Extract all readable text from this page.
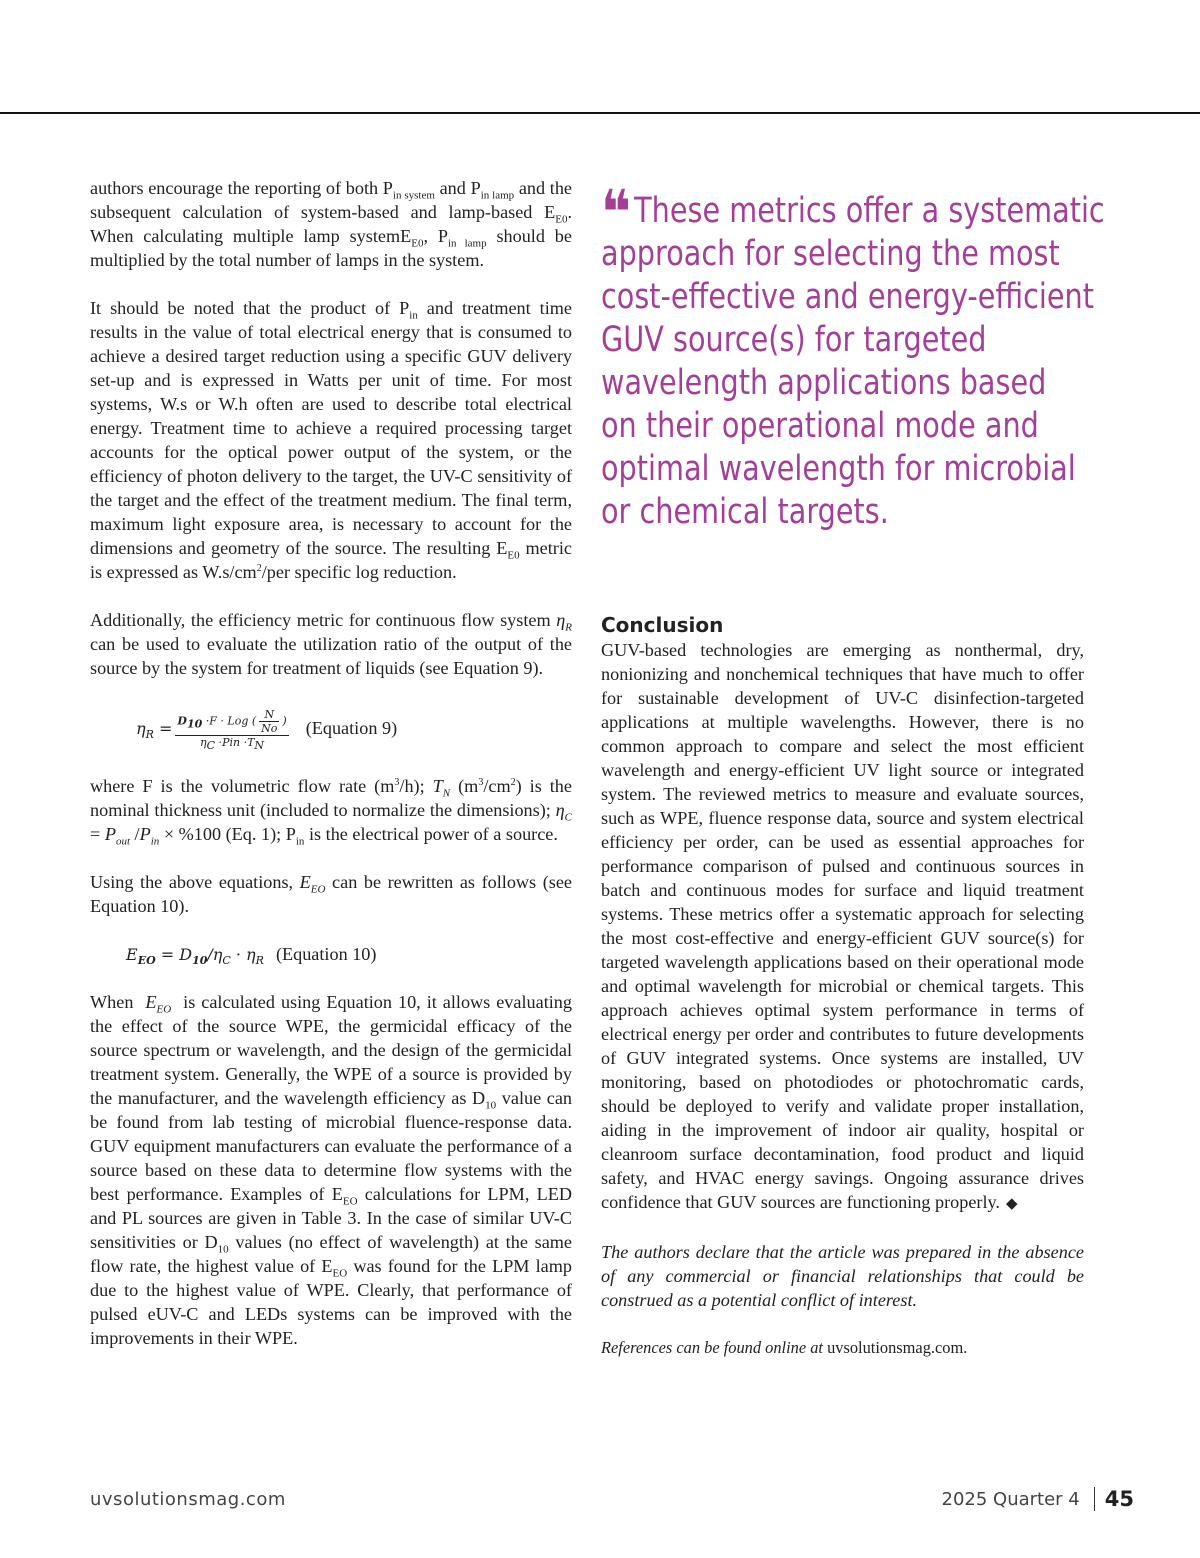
authors encourage the reporting of both $P_{in system}$ and $P_{in lamp}$ and the subsequent calculation of system-based and lamp-based $E_{E0}$. When calculating multiple lamp systemE$_{E0}$, $P_{in lamp}$ should be multiplied by the total number of lamps in the system.

It should be noted that the product of $P_{in}$ and treatment time results in the value of total electrical energy that is consumed to achieve a desired target reduction using a specific GUV delivery set-up and is expressed in Watts per unit of time. For most systems, W.s or W.h often are used to describe total electrical energy. Treatment time to achieve a required processing target accounts for the optical power output of the system, or the efficiency of photon delivery to the target, the UV-C sensitivity of the target and the effect of the treatment medium. The final term, maximum light exposure area, is necessary to account for the dimensions and geometry of the source. The resulting $E_{E0}$ metric is expressed as $W.s/cm^2$/per specific log reduction.

Additionally, the efficiency metric for continuous flow system $\eta_R$ can be used to evaluate the utilization ratio of the output of the source by the system for treatment of liquids (see Equation 9).

$\eta_R = \frac{D_{10} \cdot F \cdot Log ( \frac{N}{No} )}{\eta_C \cdot Pin \cdot T_N}$ (Equation 9)

where F is the volumetric flow rate $(m^3/h)$; $T_N$ $(m^3/cm^2)$ is the nominal thickness unit (included to normalize the dimensions); $\eta_C = P_{out}$ $/P_{in} \times \%100$ (Eq. 1); $P_{in}$ is the electrical power of a source.

Using the above equations, $E_{EO}$ can be rewritten as follows (see Equation 10).

$E_{EO} = D_{10}/\eta_C \cdot \eta_R$ (Equation 10)

When  $E_{EO}$  is calculated using Equation 10, it allows evaluating the effect of the source WPE, the germicidal efficacy of the source spectrum or wavelength, and the design of the germicidal treatment system. Generally, the WPE of a source is provided by the manufacturer, and the wavelength efficiency as $D_{10}$ value can be found from lab testing of microbial fluence-response data. GUV equipment manufacturers can evaluate the performance of a source based on these data to determine flow systems with the best performance. Examples of $E_{EO}$ calculations for LPM, LED and PL sources are given in Table 3. In the case of similar UV-C sensitivities or $D_{10}$ values (no effect of wavelength) at the same flow rate, the highest value of $E_{EO}$ was found for the LPM lamp due to the highest value of WPE. Clearly, that performance of pulsed eUV-C and LEDs systems can be improved with the improvements in their WPE.

❝These metrics offer a systematic
approach for selecting the most
cost-effective and energy-efficient
GUV source(s) for targeted
wavelength applications based
on their operational mode and
optimal wavelength for microbial
or chemical targets.
Conclusion

GUV-based technologies are emerging as nonthermal, dry, nonionizing and nonchemical techniques that have much to offer for sustainable development of UV-C disinfection-targeted applications at multiple wavelengths. However, there is no common approach to compare and select the most efficient wavelength and energy-efficient UV light source or integrated system. The reviewed metrics to measure and evaluate sources, such as WPE, fluence response data, source and system electrical efficiency per order, can be used as essential approaches for performance comparison of pulsed and continuous sources in batch and continuous modes for surface and liquid treatment systems. These metrics offer a systematic approach for selecting the most cost-effective and energy-efficient GUV source(s) for targeted wavelength applications based on their operational mode and optimal wavelength for microbial or chemical targets. This approach achieves optimal system performance in terms of electrical energy per order and contributes to future developments of GUV integrated systems. Once systems are installed, UV monitoring, based on photodiodes or photochromatic cards, should be deployed to verify and validate proper installation, aiding in the improvement of indoor air quality, hospital or cleanroom surface decontamination, food product and liquid safety, and HVAC energy savings. Ongoing assurance drives confidence that GUV sources are functioning properly. ◆

The authors declare that the article was prepared in the absence of any commercial or financial relationships that could be construed as a potential conflict of interest.

References can be found online at uvsolutionsmag.com.

uvsolutionsmag.com	2025 Quarter 4 45
